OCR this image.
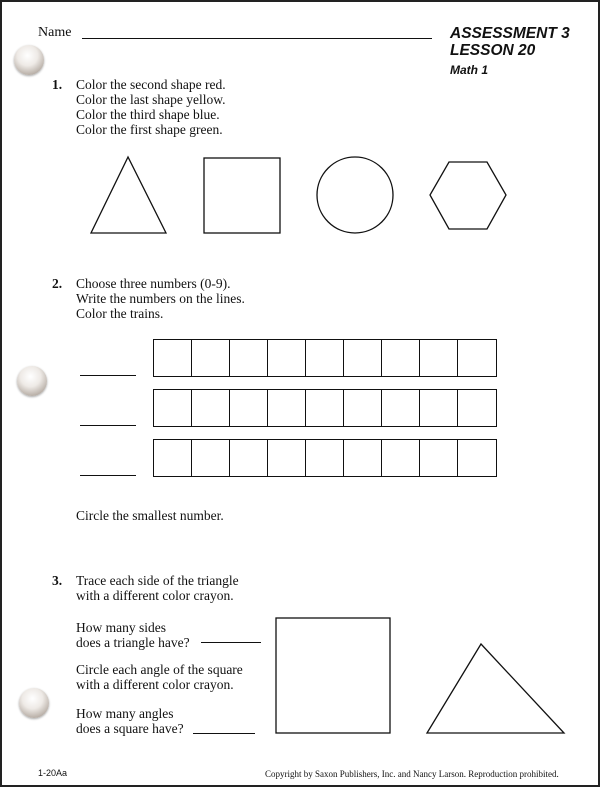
Name	ASSESSMENT 3
LESSON 20
Math 1
1. Color the second shape red.
Color the last shape yellow.
Color the third shape blue.
Color the first shape green.
2. Choose three numbers (0-9).
Write the numbers on the lines.
Color the trains.
Circle the smallest number.
3. Trace each side of the triangle
with a different color crayon.
How many sides
does a triangle have?
Circle each angle of the square
with a different color crayon.
How many angles
does a square have?
1-20Aa	Copyright by Saxon Publishers, Inc. and Nancy Larson. Reproduction prohibited.
